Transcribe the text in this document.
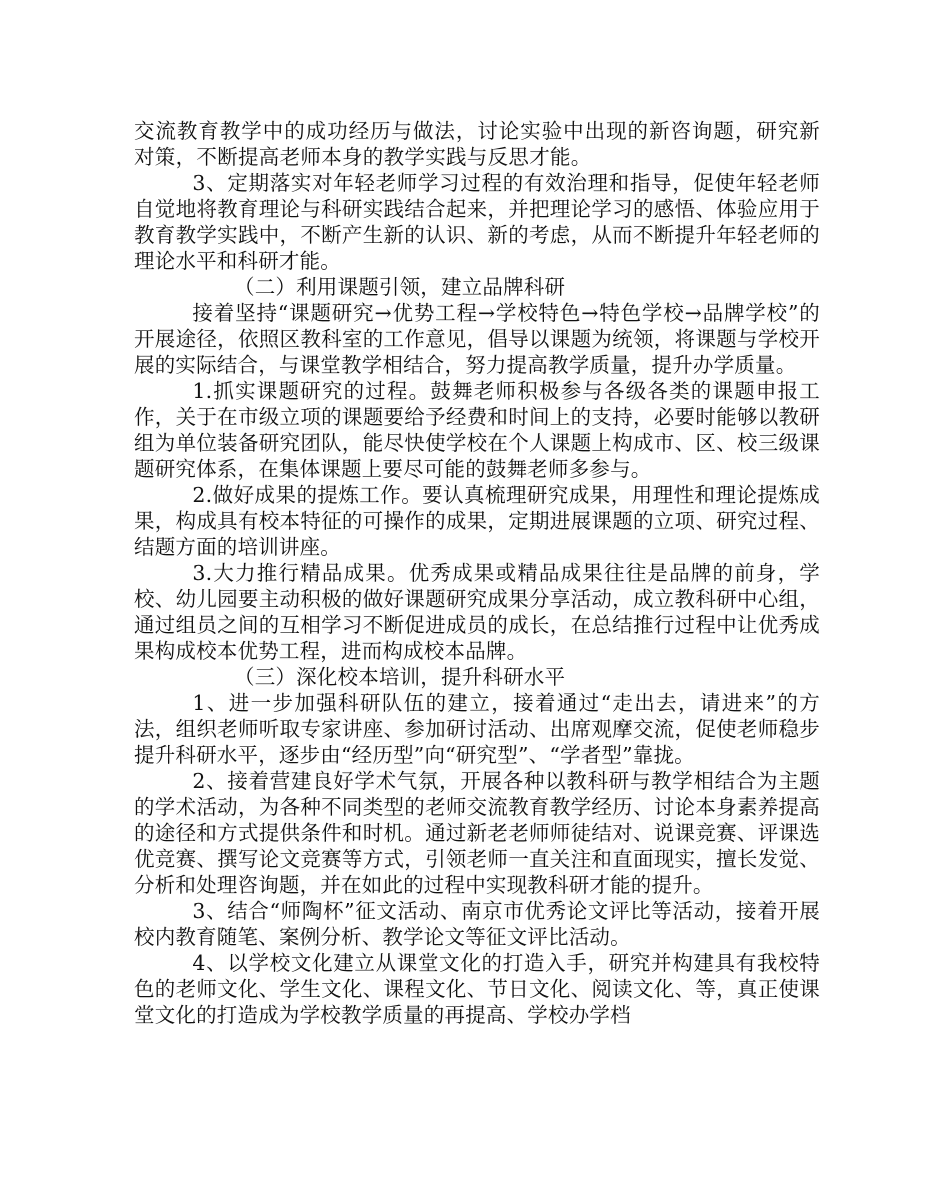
交流教育教学中的成功经历与做法，讨论实验中出现的新咨询题，研究新对策，不断提高老师本身的教学实践与反思才能。

3、定期落实对年轻老师学习过程的有效治理和指导，促使年轻老师自觉地将教育理论与科研实践结合起来，并把理论学习的感悟、体验应用于教育教学实践中，不断产生新的认识、新的考虑，从而不断提升年轻老师的理论水平和科研才能。

（二）利用课题引领，建立品牌科研

接着坚持“课题研究→优势工程→学校特色→特色学校→品牌学校”的开展途径，依照区教科室的工作意见，倡导以课题为统领，将课题与学校开展的实际结合，与课堂教学相结合，努力提高教学质量，提升办学质量。

1.抓实课题研究的过程。鼓舞老师积极参与各级各类的课题申报工作，关于在市级立项的课题要给予经费和时间上的支持，必要时能够以教研组为单位装备研究团队，能尽快使学校在个人课题上构成市、区、校三级课题研究体系，在集体课题上要尽可能的鼓舞老师多参与。

2.做好成果的提炼工作。要认真梳理研究成果，用理性和理论提炼成果，构成具有校本特征的可操作的成果，定期进展课题的立项、研究过程、结题方面的培训讲座。

3.大力推行精品成果。优秀成果或精品成果往往是品牌的前身，学校、幼儿园要主动积极的做好课题研究成果分享活动，成立教科研中心组，通过组员之间的互相学习不断促进成员的成长，在总结推行过程中让优秀成果构成校本优势工程，进而构成校本品牌。

（三）深化校本培训，提升科研水平

1、进一步加强科研队伍的建立，接着通过“走出去，请进来”的方法，组织老师听取专家讲座、参加研讨活动、出席观摩交流，促使老师稳步提升科研水平，逐步由“经历型”向“研究型”、“学者型”靠拢。

2、接着营建良好学术气氛，开展各种以教科研与教学相结合为主题的学术活动，为各种不同类型的老师交流教育教学经历、讨论本身素养提高的途径和方式提供条件和时机。通过新老老师师徒结对、说课竞赛、评课选优竞赛、撰写论文竞赛等方式，引领老师一直关注和直面现实，擅长发觉、分析和处理咨询题，并在如此的过程中实现教科研才能的提升。

3、结合“师陶杯”征文活动、南京市优秀论文评比等活动，接着开展校内教育随笔、案例分析、教学论文等征文评比活动。

4、以学校文化建立从课堂文化的打造入手，研究并构建具有我校特色的老师文化、学生文化、课程文化、节日文化、阅读文化、等，真正使课堂文化的打造成为学校教学质量的再提高、学校办学档
